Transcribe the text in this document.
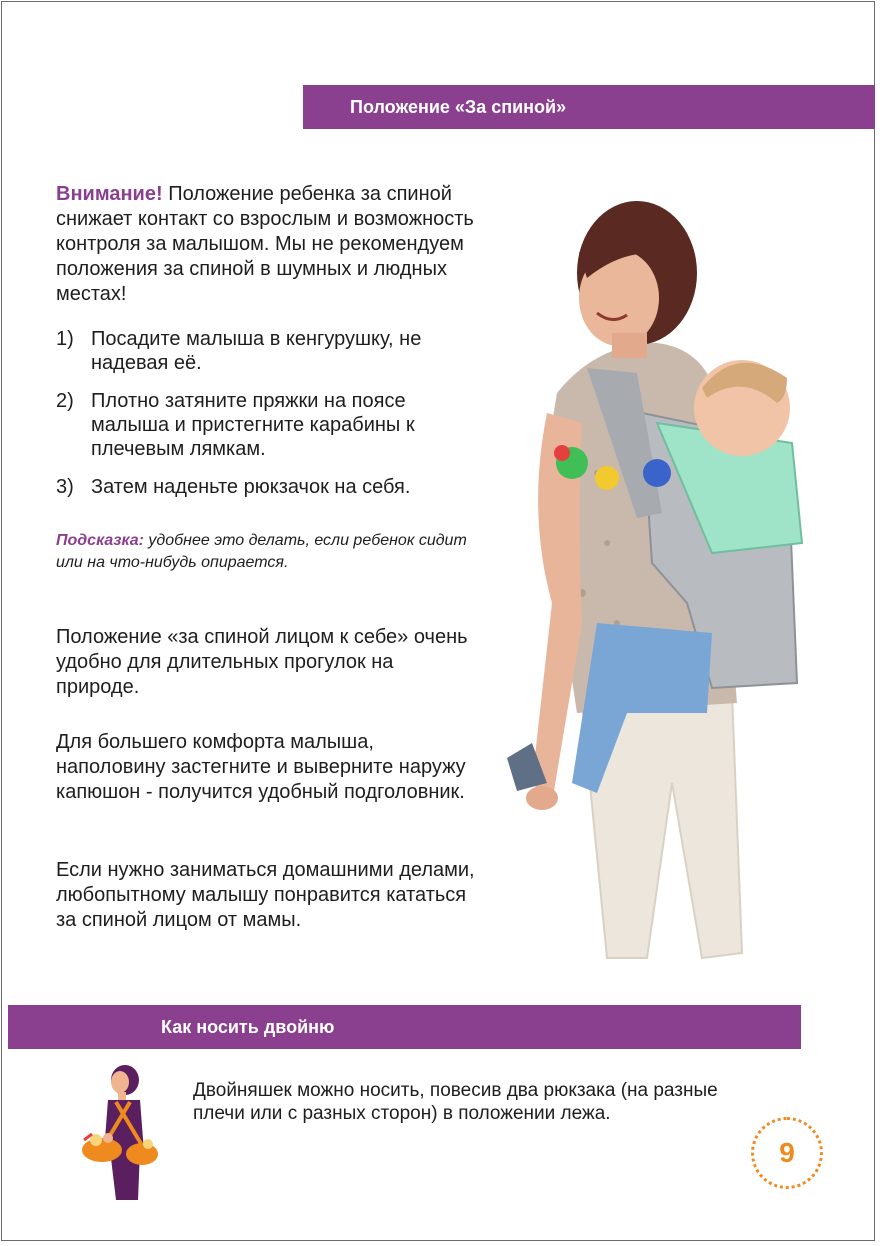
Положение «За спиной»
Внимание! Положение ребенка за спиной снижает контакт со взрослым и возможность контроля за малышом. Мы не рекомендуем положения за спиной в шумных и людных местах!
1) Посадите малыша в кенгурушку, не надевая её.
2) Плотно затяните пряжки на поясе малыша и пристегните карабины к плечевым лямкам.
3) Затем наденьте рюкзачок на себя.
Подсказка: удобнее это делать, если ребенок сидит или на что-нибудь опирается.
Положение «за спиной лицом к себе» очень удобно для длительных прогулок на природе.
Для большего комфорта малыша, наполовину застегните и выверните наружу капюшон - получится удобный подголовник.
Если нужно заниматься домашними делами, любопытному малышу понравится кататься за спиной лицом от мамы.
Как носить двойню
Двойняшек можно носить, повесив два рюкзака (на разные плечи или с разных сторон) в положении лежа.
9
